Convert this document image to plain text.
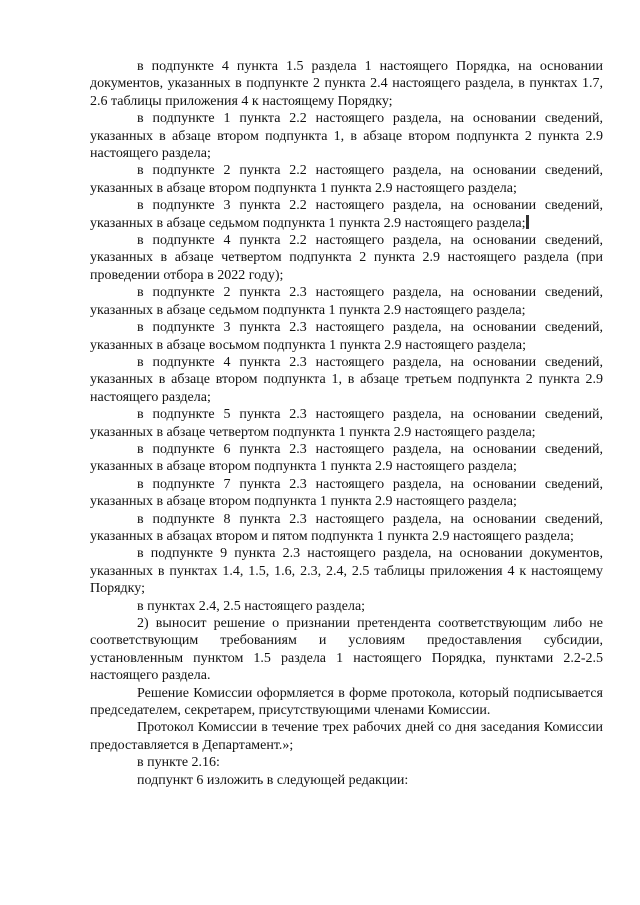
в подпункте 4 пункта 1.5 раздела 1 настоящего Порядка, на основании документов, указанных в подпункте 2 пункта 2.4 настоящего раздела, в пунктах 1.7, 2.6 таблицы приложения 4 к настоящему Порядку;

в подпункте 1 пункта 2.2 настоящего раздела, на основании сведений, указанных в абзаце втором подпункта 1, в абзаце втором подпункта 2 пункта 2.9 настоящего раздела;

в подпункте 2 пункта 2.2 настоящего раздела, на основании сведений, указанных в абзаце втором подпункта 1 пункта 2.9 настоящего раздела;

в подпункте 3 пункта 2.2 настоящего раздела, на основании сведений, указанных в абзаце седьмом подпункта 1 пункта 2.9 настоящего раздела;

в подпункте 4 пункта 2.2 настоящего раздела, на основании сведений, указанных в абзаце четвертом подпункта 2 пункта 2.9 настоящего раздела (при проведении отбора в 2022 году);

в подпункте 2 пункта 2.3 настоящего раздела, на основании сведений, указанных в абзаце седьмом подпункта 1 пункта 2.9 настоящего раздела;

в подпункте 3 пункта 2.3 настоящего раздела, на основании сведений, указанных в абзаце восьмом подпункта 1 пункта 2.9 настоящего раздела;

в подпункте 4 пункта 2.3 настоящего раздела, на основании сведений, указанных в абзаце втором подпункта 1, в абзаце третьем подпункта 2 пункта 2.9 настоящего раздела;

в подпункте 5 пункта 2.3 настоящего раздела, на основании сведений, указанных в абзаце четвертом подпункта 1 пункта 2.9 настоящего раздела;

в подпункте 6 пункта 2.3 настоящего раздела, на основании сведений, указанных в абзаце втором подпункта 1 пункта 2.9 настоящего раздела;

в подпункте 7 пункта 2.3 настоящего раздела, на основании сведений, указанных в абзаце втором подпункта 1 пункта 2.9 настоящего раздела;

в подпункте 8 пункта 2.3 настоящего раздела, на основании сведений, указанных в абзацах втором и пятом подпункта 1 пункта 2.9 настоящего раздела;

в подпункте 9 пункта 2.3 настоящего раздела, на основании документов, указанных в пунктах 1.4, 1.5, 1.6, 2.3, 2.4, 2.5 таблицы приложения 4 к настоящему Порядку;

в пунктах 2.4, 2.5 настоящего раздела;

2) выносит решение о признании претендента соответствующим либо не соответствующим требованиям и условиям предоставления субсидии, установленным пунктом 1.5 раздела 1 настоящего Порядка, пунктами 2.2-2.5 настоящего раздела.

Решение Комиссии оформляется в форме протокола, который подписывается председателем, секретарем, присутствующими членами Комиссии.

Протокол Комиссии в течение трех рабочих дней со дня заседания Комиссии предоставляется в Департамент.»;

в пункте 2.16:

подпункт 6 изложить в следующей редакции:
